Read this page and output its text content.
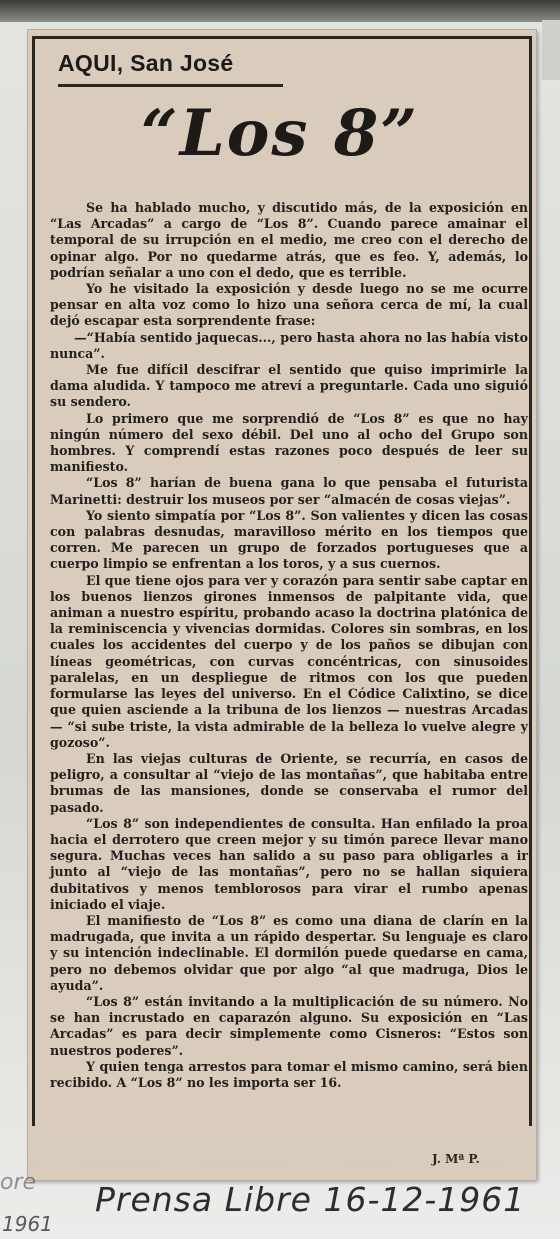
AQUI, San José
“Los 8”

Se ha hablado mucho, y discutido más, de la exposición en “Las Arcadas” a cargo de “Los 8”. Cuando parece amainar el temporal de su irrupción en el medio, me creo con el derecho de opinar algo. Por no quedarme atrás, que es feo. Y, además, lo podrían señalar a uno con el dedo, que es terrible.

Yo he visitado la exposición y desde luego no se me ocurre pensar en alta voz como lo hizo una señora cerca de mí, la cual dejó escapar esta sorprendente frase:

—“Había sentido jaquecas..., pero hasta ahora no las había visto nunca”.

Me fue difícil descifrar el sentido que quiso imprimirle la dama aludida. Y tampoco me atreví a preguntarle. Cada uno siguió su sendero.

Lo primero que me sorprendió de “Los 8” es que no hay ningún número del sexo débil. Del uno al ocho del Grupo son hombres. Y comprendí estas razones poco después de leer su manifiesto.

“Los 8” harían de buena gana lo que pensaba el futurista Marinetti: destruir los museos por ser “almacén de cosas viejas”.

Yo siento simpatía por “Los 8”. Son valientes y dicen las cosas con palabras desnudas, maravilloso mérito en los tiempos que corren. Me parecen un grupo de forzados portugueses que a cuerpo limpio se enfrentan a los toros, y a sus cuernos.

El que tiene ojos para ver y corazón para sentir sabe captar en los buenos lienzos girones inmensos de palpitante vida, que animan a nuestro espíritu, probando acaso la doctrina platónica de la reminiscencia y vivencias dormidas. Colores sin sombras, en los cuales los accidentes del cuerpo y de los paños se dibujan con líneas geométricas, con curvas concéntricas, con sinusoides paralelas, en un despliegue de ritmos con los que pueden formularse las leyes del universo. En el Códice Calixtino, se dice que quien asciende a la tribuna de los lienzos — nuestras Arcadas — “si sube triste, la vista admirable de la belleza lo vuelve alegre y gozoso”.

En las viejas culturas de Oriente, se recurría, en casos de peligro, a consultar al “viejo de las montañas”, que habitaba entre brumas de las mansiones, donde se conservaba el rumor del pasado.

“Los 8” son independientes de consulta. Han enfilado la proa hacia el derrotero que creen mejor y su timón parece llevar mano segura. Muchas veces han salido a su paso para obligarles a ir junto al “viejo de las montañas”, pero no se hallan siquiera dubitativos y menos temblorosos para virar el rumbo apenas iniciado el viaje.

El manifiesto de “Los 8” es como una diana de clarín en la madrugada, que invita a un rápido despertar. Su lenguaje es claro y su intención indeclinable. El dormilón puede quedarse en cama, pero no debemos olvidar que por algo “al que madruga, Dios le ayuda”.

“Los 8” están invitando a la multiplicación de su número. No se han incrustado en caparazón alguno. Su exposición en “Las Arcadas” es para decir simplemente como Cisneros: “Estos son nuestros poderes”.

Y quien tenga arrestos para tomar el mismo camino, será bien recibido. A “Los 8” no les importa ser 16.

J. Mª P.
ore
1961
Prensa Libre 16-12-1961
